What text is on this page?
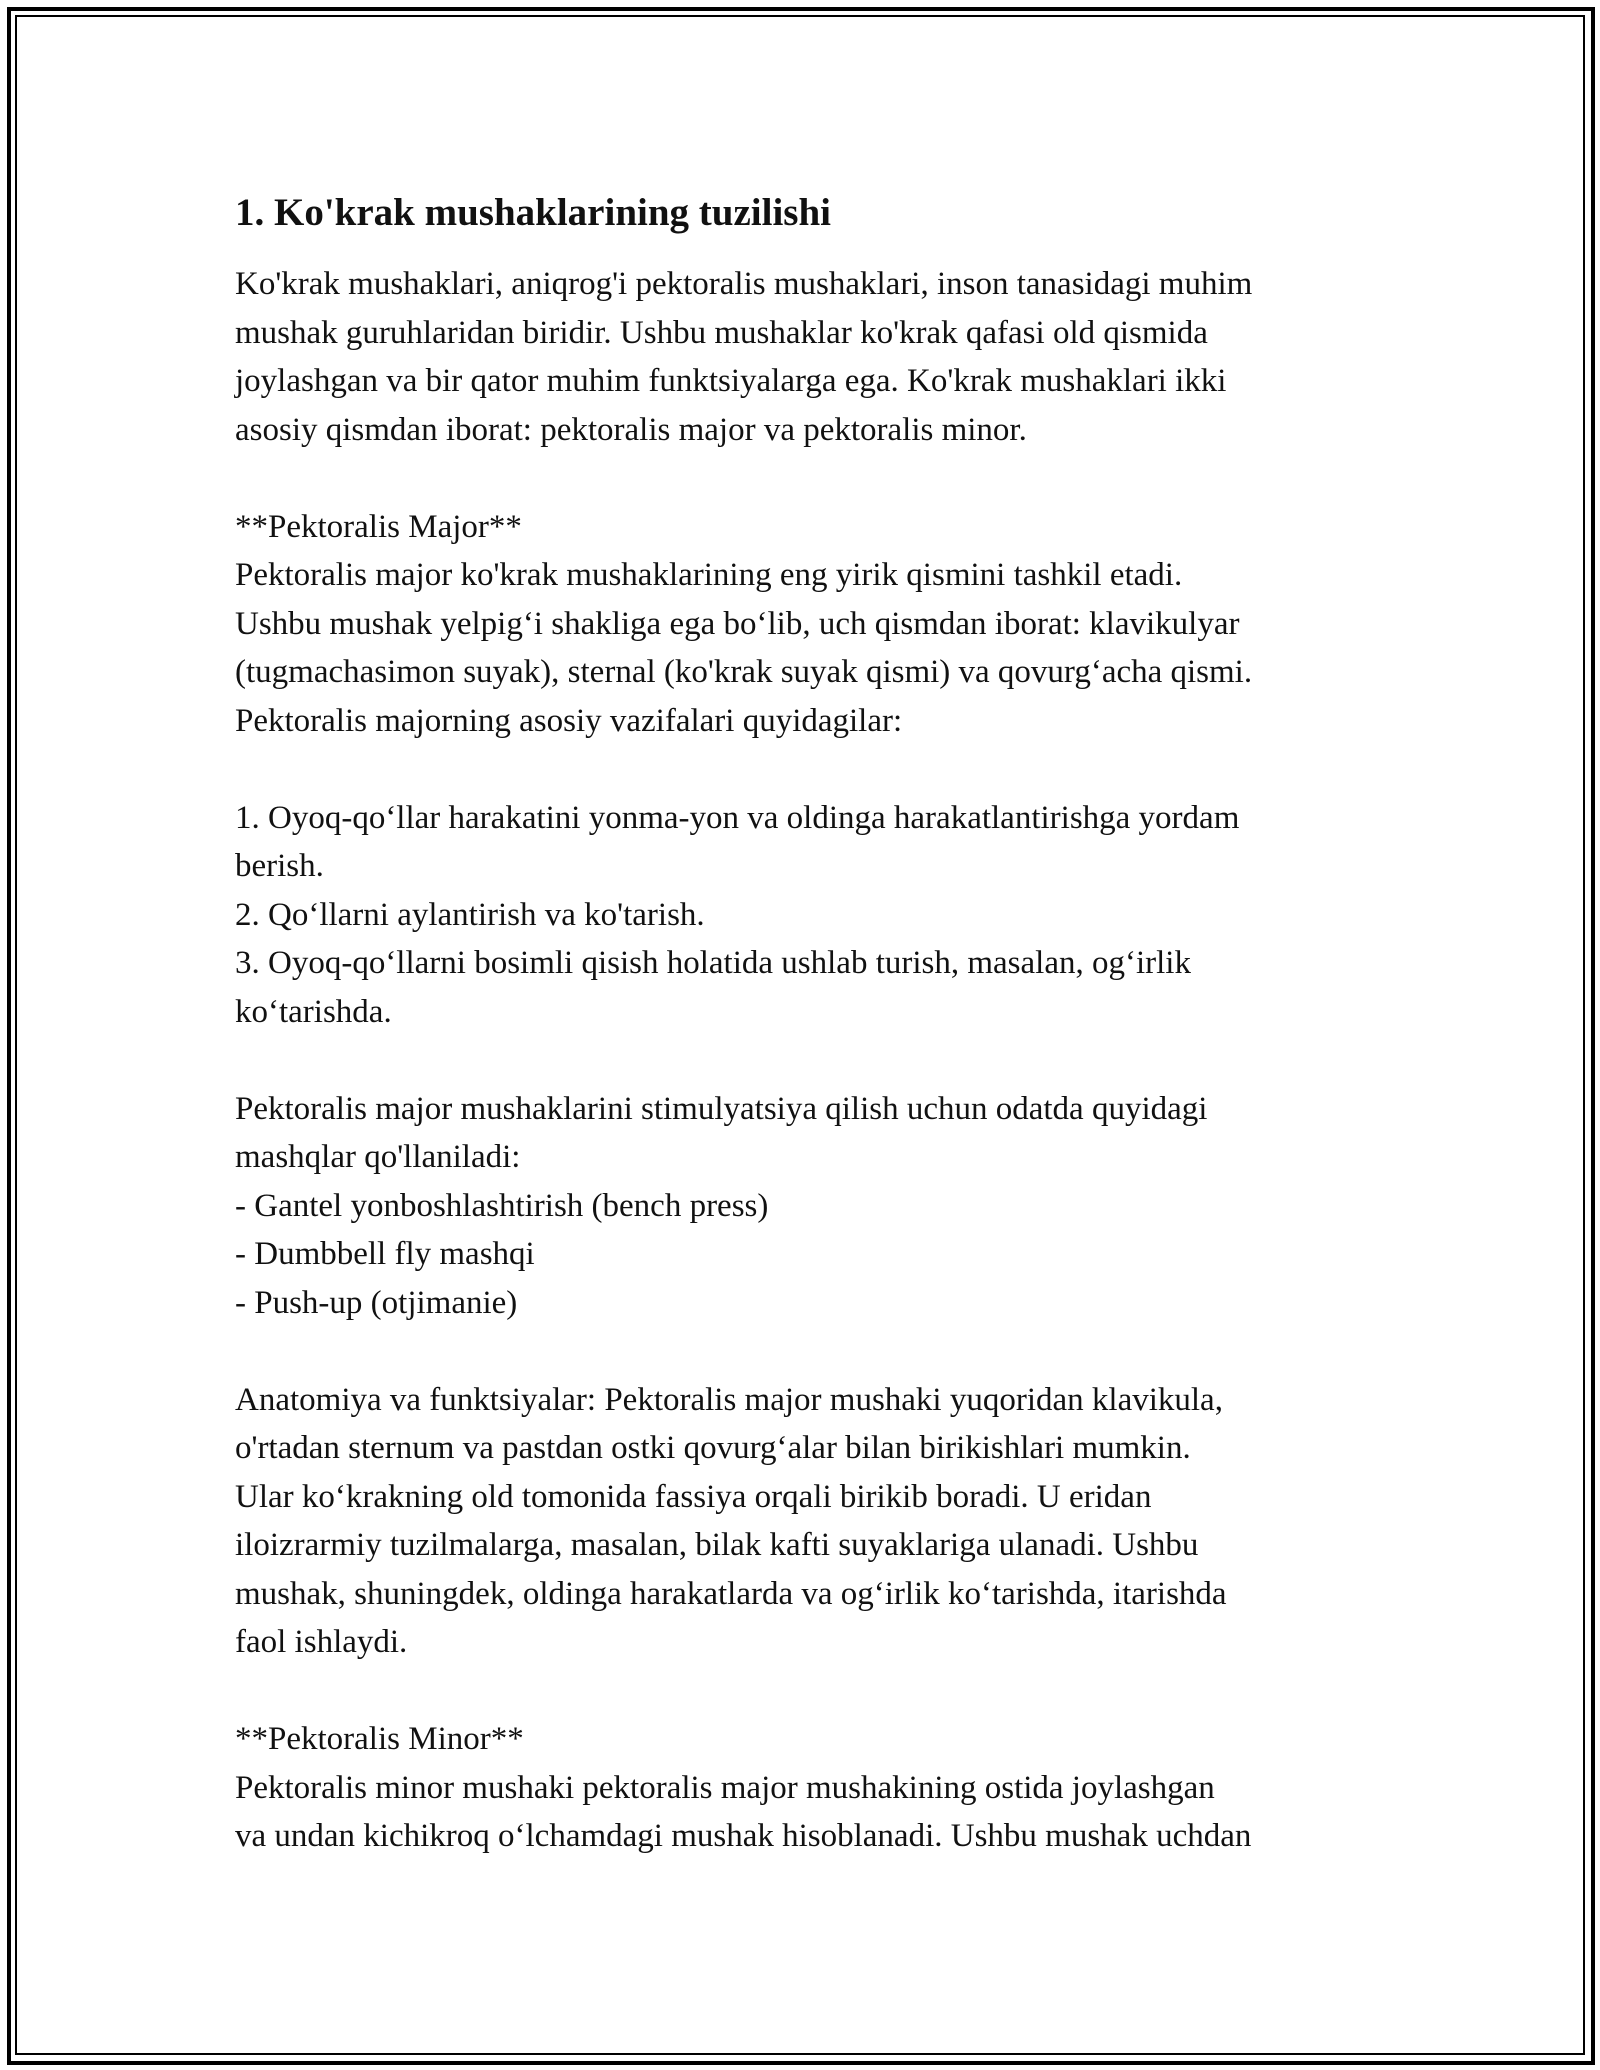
1. Ko'krak mushaklarining tuzilishi
Ko'krak mushaklari, aniqrog'i pektoralis mushaklari, inson tanasidagi muhim
mushak guruhlaridan biridir. Ushbu mushaklar ko'krak qafasi old qismida
joylashgan va bir qator muhim funktsiyalarga ega. Ko'krak mushaklari ikki
asosiy qismdan iborat: pektoralis major va pektoralis minor.
**Pektoralis Major**
Pektoralis major ko'krak mushaklarining eng yirik qismini tashkil etadi.
Ushbu mushak yelpig‘i shakliga ega bo‘lib, uch qismdan iborat: klavikulyar
(tugmachasimon suyak), sternal (ko'krak suyak qismi) va qovurg‘acha qismi.
Pektoralis majorning asosiy vazifalari quyidagilar:
1. Oyoq-qo‘llar harakatini yonma-yon va oldinga harakatlantirishga yordam
berish.
2. Qo‘llarni aylantirish va ko'tarish.
3. Oyoq-qo‘llarni bosimli qisish holatida ushlab turish, masalan, og‘irlik
ko‘tarishda.
Pektoralis major mushaklarini stimulyatsiya qilish uchun odatda quyidagi
mashqlar qo'llaniladi:
- Gantel yonboshlashtirish (bench press)
- Dumbbell fly mashqi
- Push-up (otjimanie)
Anatomiya va funktsiyalar: Pektoralis major mushaki yuqoridan klavikula,
o'rtadan sternum va pastdan ostki qovurg‘alar bilan birikishlari mumkin.
Ular ko‘krakning old tomonida fassiya orqali birikib boradi. U eridan
iloizrarmiy tuzilmalarga, masalan, bilak kafti suyaklariga ulanadi. Ushbu
mushak, shuningdek, oldinga harakatlarda va og‘irlik ko‘tarishda, itarishda
faol ishlaydi.
**Pektoralis Minor**
Pektoralis minor mushaki pektoralis major mushakining ostida joylashgan
va undan kichikroq o‘lchamdagi mushak hisoblanadi. Ushbu mushak uchdan
